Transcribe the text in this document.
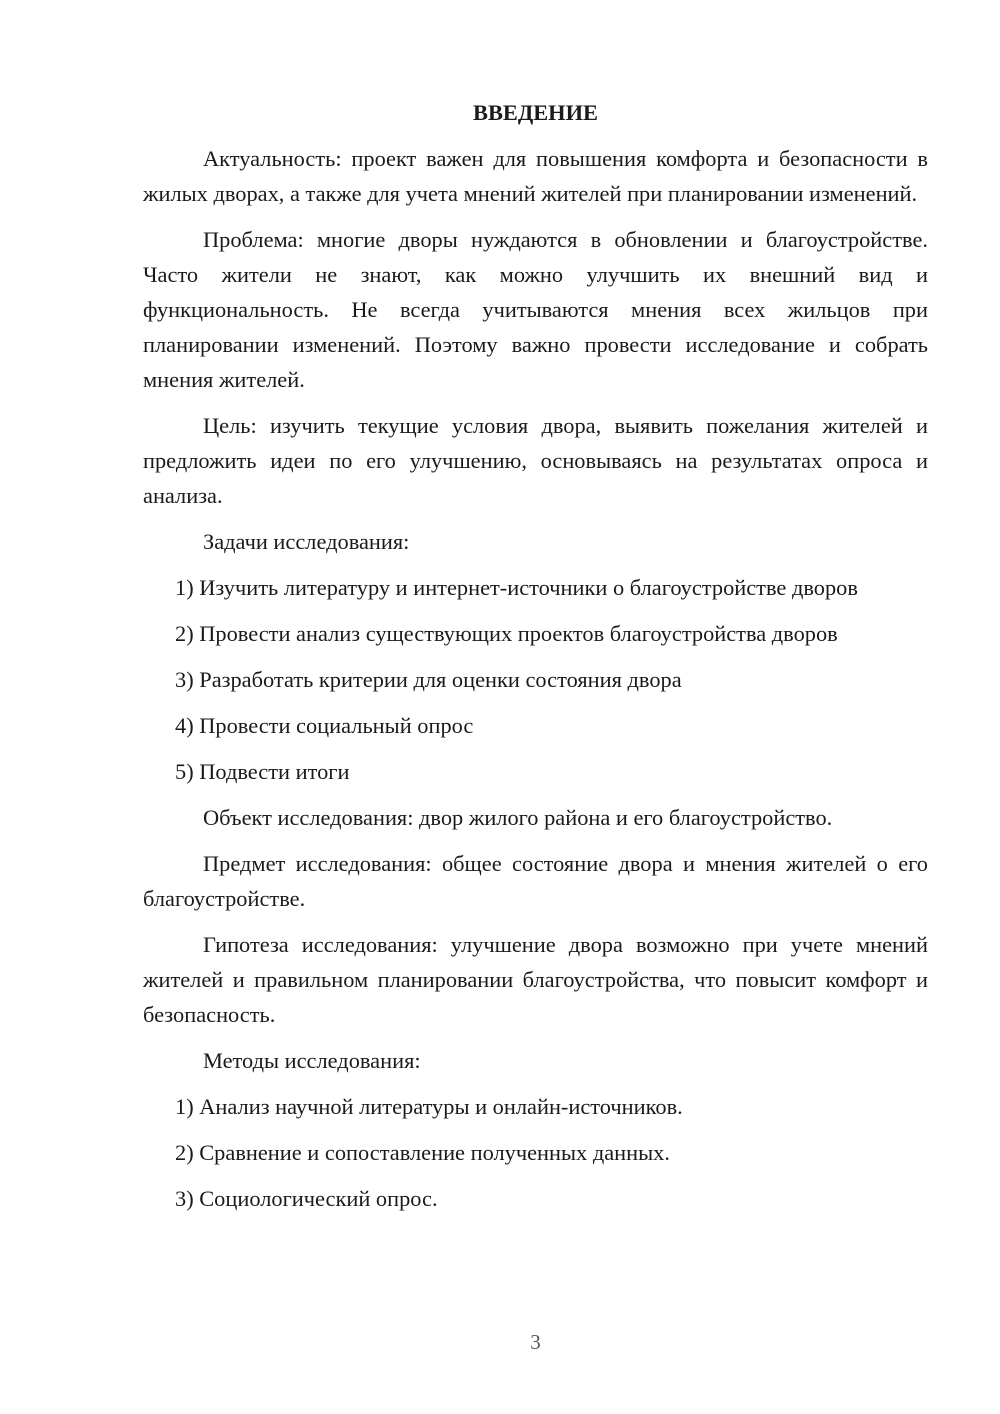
ВВЕДЕНИЕ

Актуальность: проект важен для повышения комфорта и безопасности в жилых дворах, а также для учета мнений жителей при планировании изменений.

Проблема: многие дворы нуждаются в обновлении и благоустройстве. Часто жители не знают, как можно улучшить их внешний вид и функциональность. Не всегда учитываются мнения всех жильцов при планировании изменений. Поэтому важно провести исследование и собрать мнения жителей.

Цель: изучить текущие условия двора, выявить пожелания жителей и предложить идеи по его улучшению, основываясь на результатах опроса и анализа.

Задачи исследования:

1) Изучить литературу и интернет-источники о благоустройстве дворов

2) Провести анализ существующих проектов благоустройства дворов

3) Разработать критерии для оценки состояния двора

4) Провести социальный опрос

5) Подвести итоги

Объект исследования: двор жилого района и его благоустройство.

Предмет исследования: общее состояние двора и мнения жителей о его благоустройстве.

Гипотеза исследования: улучшение двора возможно при учете мнений жителей и правильном планировании благоустройства, что повысит комфорт и безопасность.

Методы исследования:

1) Анализ научной литературы и онлайн-источников.

2) Сравнение и сопоставление полученных данных.

3) Социологический опрос.

3
